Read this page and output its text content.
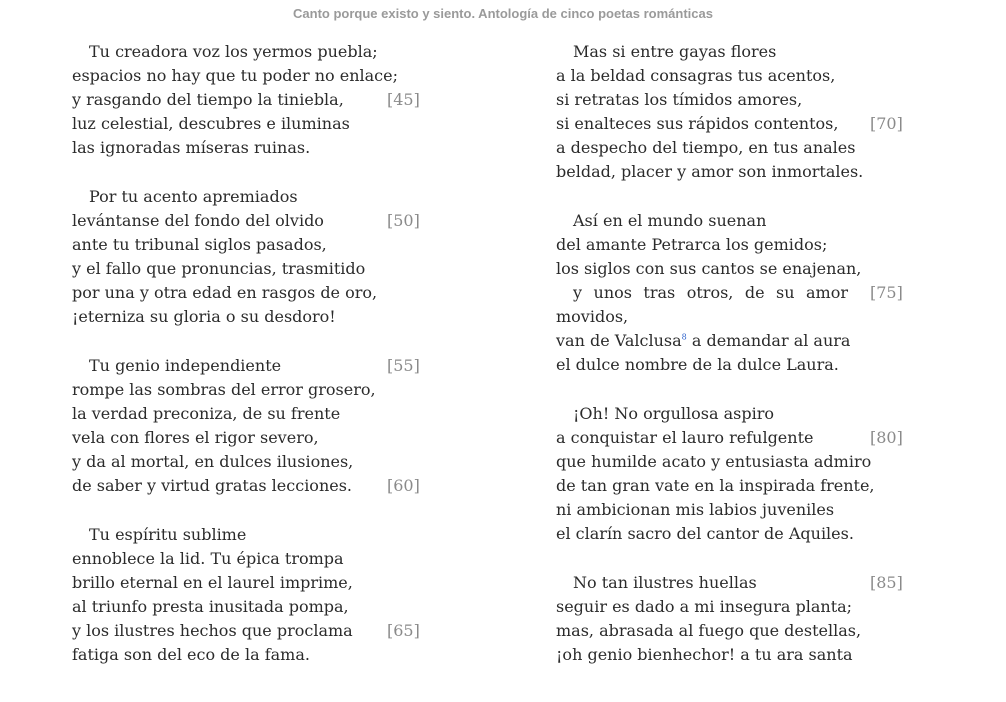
Canto porque existo y siento. Antología de cinco poetas románticas
Tu creadora voz los yermos puebla;
espacios no hay que tu poder no enlace;
y rasgando del tiempo la tiniebla,	[45]
luz celestial, descubres e iluminas
las ignoradas míseras ruinas.
Por tu acento apremiados
levántanse del fondo del olvido	[50]
ante tu tribunal siglos pasados,
y el fallo que pronuncias, trasmitido
por una y otra edad en rasgos de oro,
¡eterniza su gloria o su desdoro!
Tu genio independiente	[55]
rompe las sombras del error grosero,
la verdad preconiza, de su frente
vela con flores el rigor severo,
y da al mortal, en dulces ilusiones,
de saber y virtud gratas lecciones. [60]
Tu espíritu sublime
ennoblece la lid. Tu épica trompa
brillo eternal en el laurel imprime,
al triunfo presta inusitada pompa,
y los ilustres hechos que proclama [65]
fatiga son del eco de la fama.
Mas si entre gayas flores
a la beldad consagras tus acentos,
si retratas los tímidos amores,
si enalteces sus rápidos contentos, [70]
a despecho del tiempo, en tus anales
beldad, placer y amor son inmortales.
Así en el mundo suenan
del amante Petrarca los gemidos;
los siglos con sus cantos se enajenan,
y unos tras otros, de su amor movidos,
[75]
van de Valclusa$^8$ a demandar al aura
el dulce nombre de la dulce Laura.
¡Oh! No orgullosa aspiro
a conquistar el lauro refulgente	[80]
que humilde acato y entusiasta admiro
de tan gran vate en la inspirada frente,
ni ambicionan mis labios juveniles
el clarín sacro del cantor de Aquiles.
No tan ilustres huellas	[85]
seguir es dado a mi insegura planta;
mas, abrasada al fuego que destellas,
¡oh genio bienhechor! a tu ara santa
